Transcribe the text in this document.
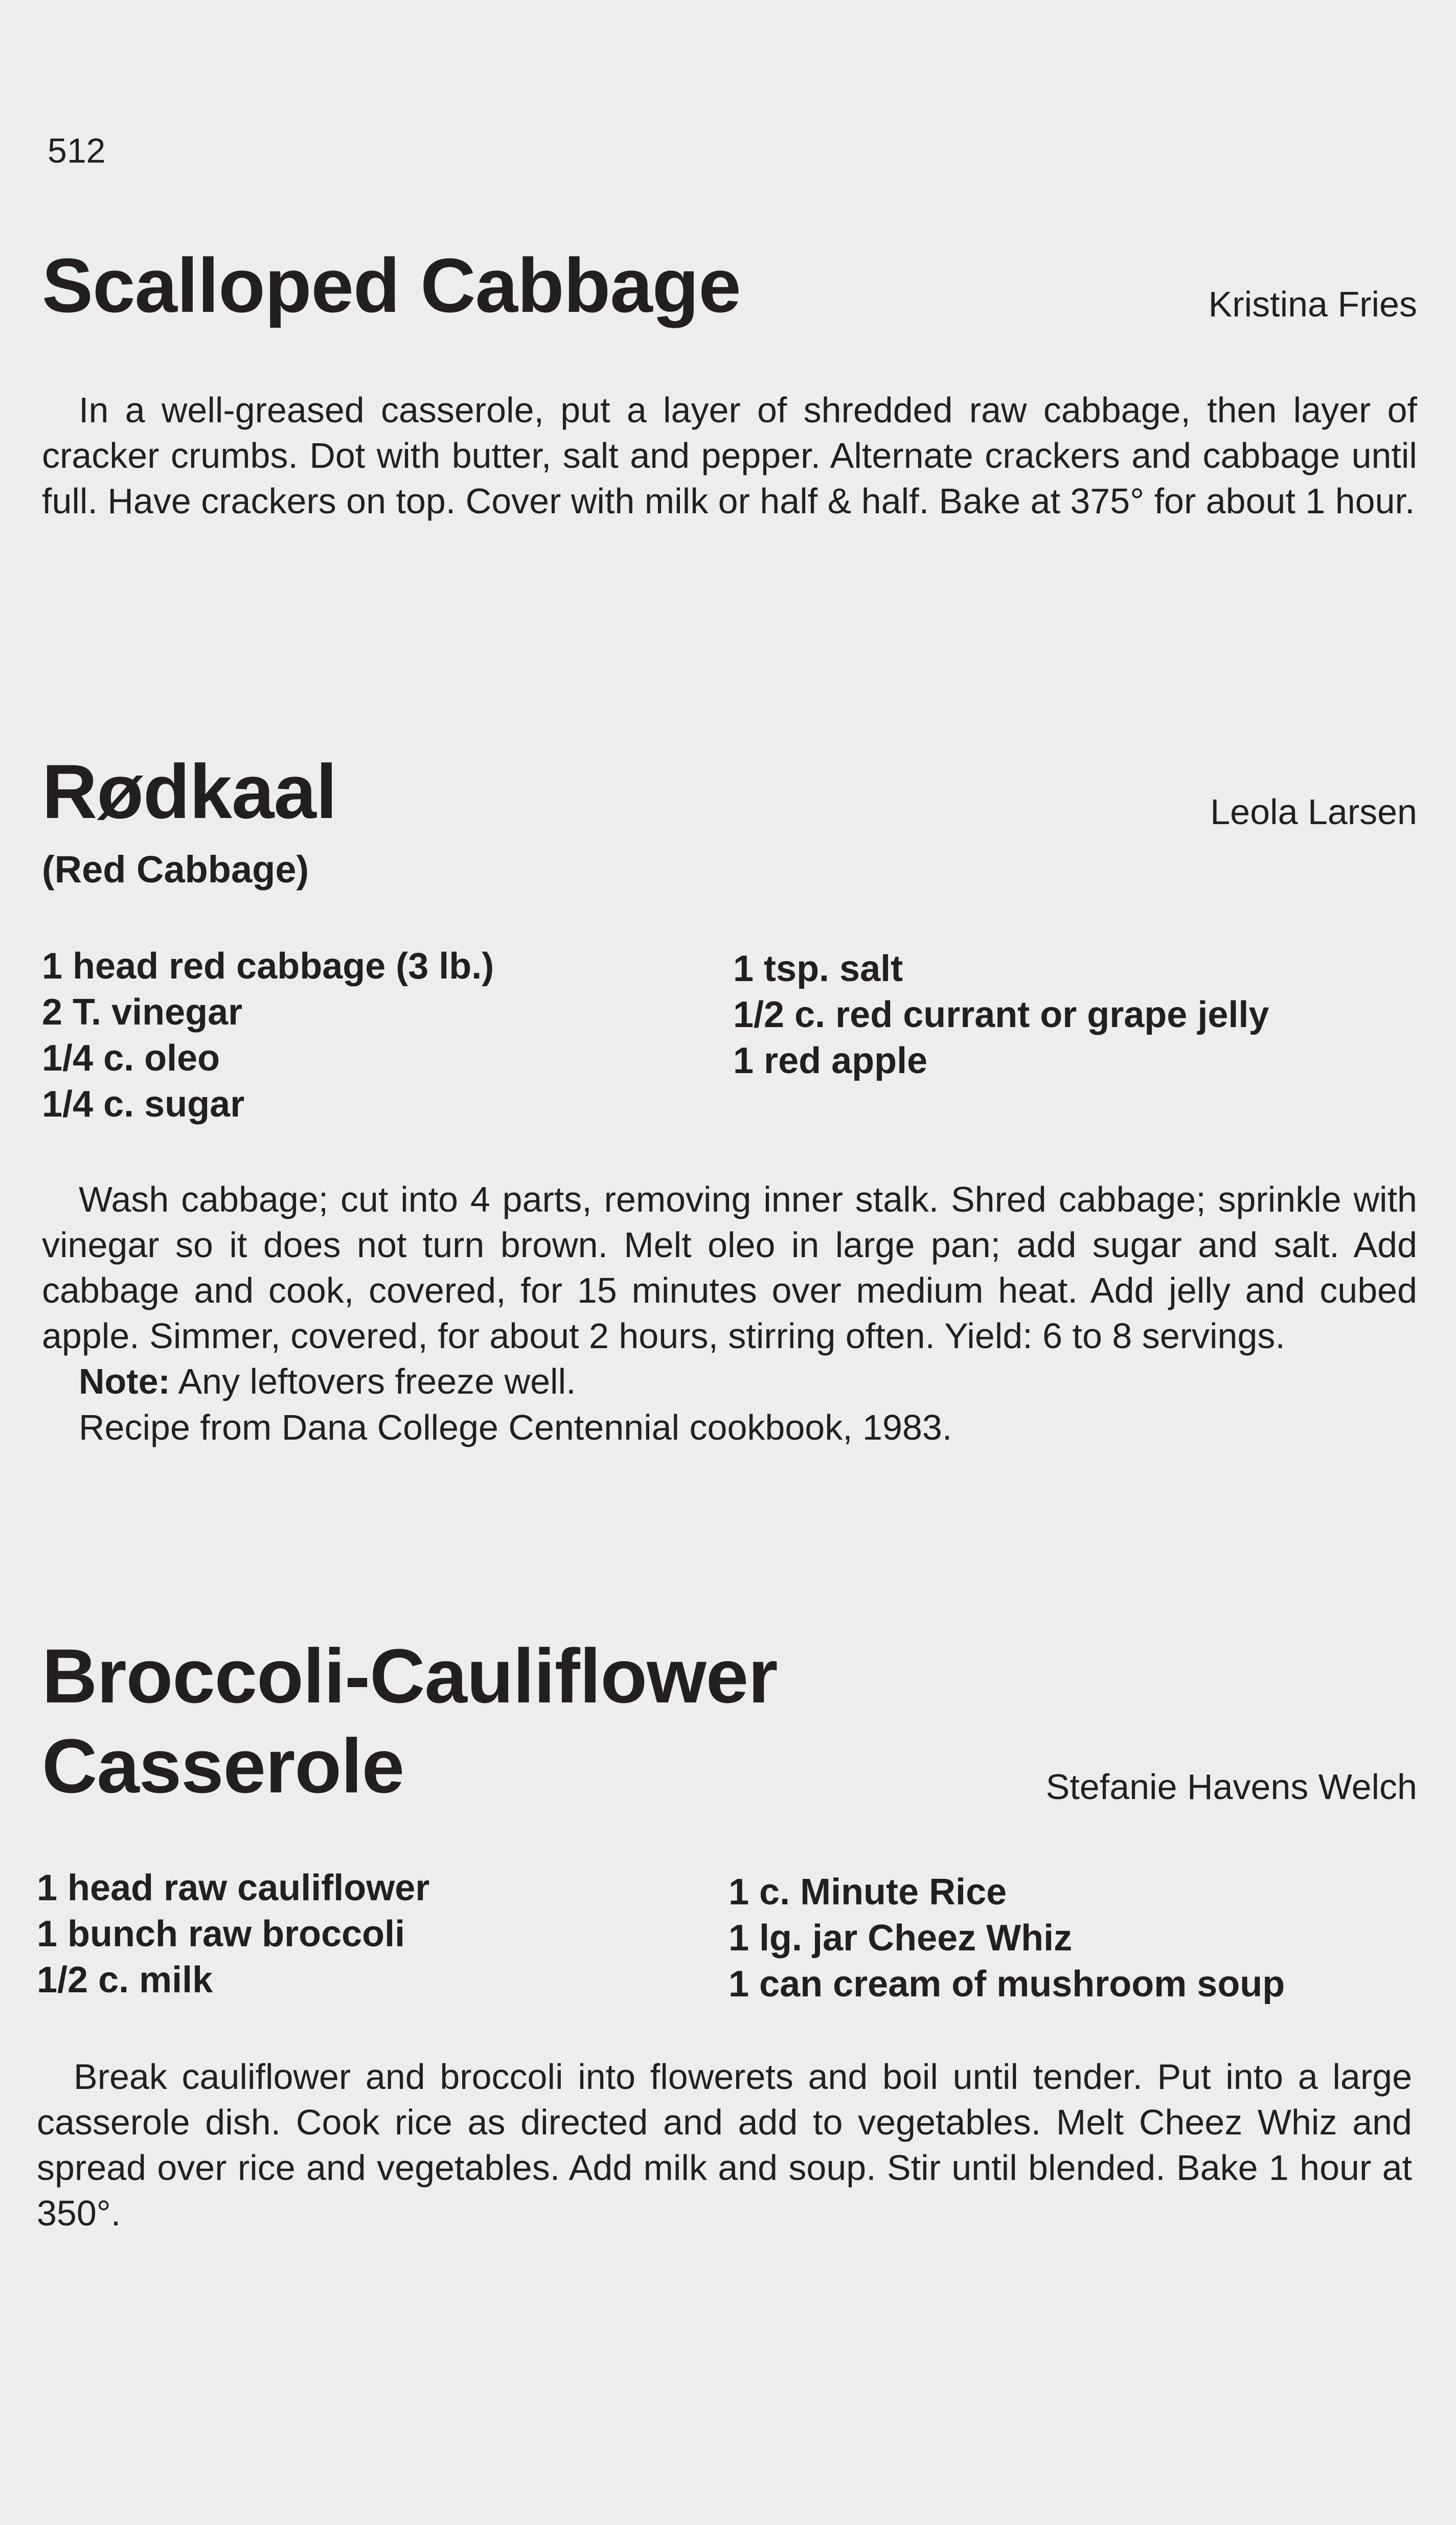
512
Scalloped Cabbage	Kristina Fries

In a well-greased casserole, put a layer of shredded raw cabbage, then layer of cracker crumbs. Dot with butter, salt and pepper. Alternate crackers and cabbage until full. Have crackers on top. Cover with milk or half & half. Bake at 375° for about 1 hour.

Rødkaal
(Red Cabbage)
Leola Larsen
1 head red cabbage (3 lb.)
2 T. vinegar
1/4 c. oleo
1/4 c. sugar
1 tsp. salt
1/2 c. red currant or grape jelly
1 red apple

Wash cabbage; cut into 4 parts, removing inner stalk. Shred cabbage; sprinkle with vinegar so it does not turn brown. Melt oleo in large pan; add sugar and salt. Add cabbage and cook, covered, for 15 minutes over medium heat. Add jelly and cubed apple. Simmer, covered, for about 2 hours, stirring often. Yield: 6 to 8 servings.

Note: Any leftovers freeze well.
Recipe from Dana College Centennial cookbook, 1983.
Broccoli-Cauliflower
Casserole	Stefanie Havens Welch
1 head raw cauliflower
1 bunch raw broccoli
1/2 c. milk
1 c. Minute Rice
1 lg. jar Cheez Whiz
1 can cream of mushroom soup

Break cauliflower and broccoli into flowerets and boil until tender. Put into a large casserole dish. Cook rice as directed and add to vegetables. Melt Cheez Whiz and spread over rice and vegetables. Add milk and soup. Stir until blended. Bake 1 hour at 350°.
